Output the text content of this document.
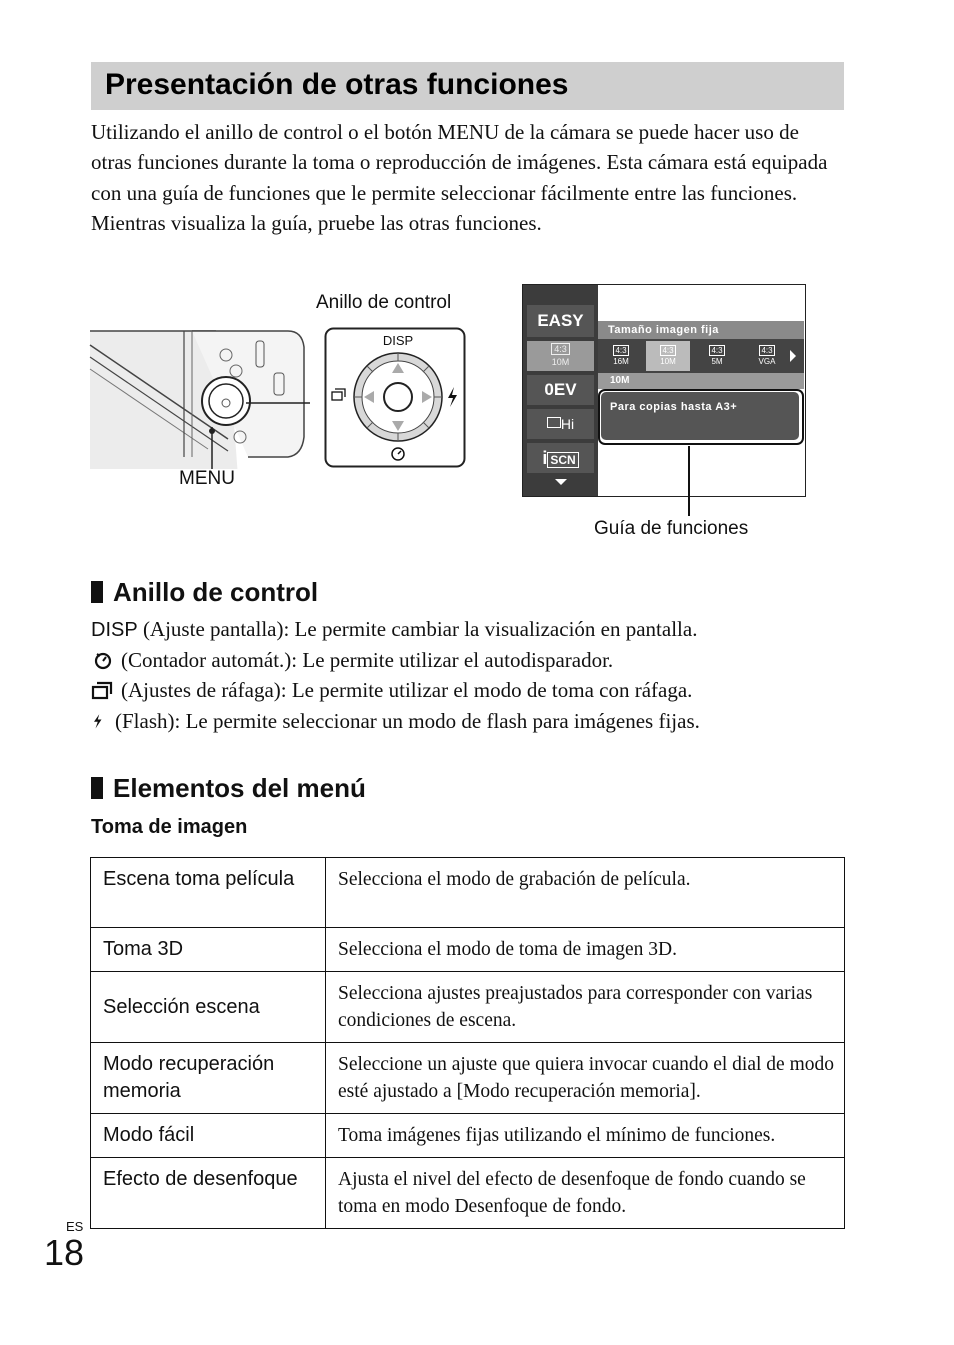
Presentación de otras funciones

Utilizando el anillo de control o el botón MENU de la cámara se puede hacer uso de otras funciones durante la toma o reproducción de imágenes. Esta cámara está equipada con una guía de funciones que le permite seleccionar fácilmente entre las funciones. Mientras visualiza la guía, pruebe las otras funciones.

DISP
Anillo de control
MENU
EASY
4:3
10M
0EV
Hi
iSCN
Tamaño imagen fija
4:3
16M
4:3
10M
4:3
5M
4:3
VGA
10M
Para copias hasta A3+
Guía de funciones
Anillo de control
DISP (Ajuste pantalla): Le permite cambiar la visualización en pantalla.
(Contador automát.): Le permite utilizar el autodisparador.
(Ajustes de ráfaga): Le permite utilizar el modo de toma con ráfaga.
(Flash): Le permite seleccionar un modo de flash para imágenes fijas.
Elementos del menú
Toma de imagen
Escena toma película	Selecciona el modo de grabación de película.
Toma 3D	Selecciona el modo de toma de imagen 3D.
Selección escena	Selecciona ajustes preajustados para corresponder con varias condiciones de escena.
Modo recuperación memoria	Seleccione un ajuste que quiera invocar cuando el dial de modo esté ajustado a [Modo recuperación memoria].
Modo fácil	Toma imágenes fijas utilizando el mínimo de funciones.
Efecto de desenfoque	Ajusta el nivel del efecto de desenfoque de fondo cuando se toma en modo Desenfoque de fondo.
ES
18
